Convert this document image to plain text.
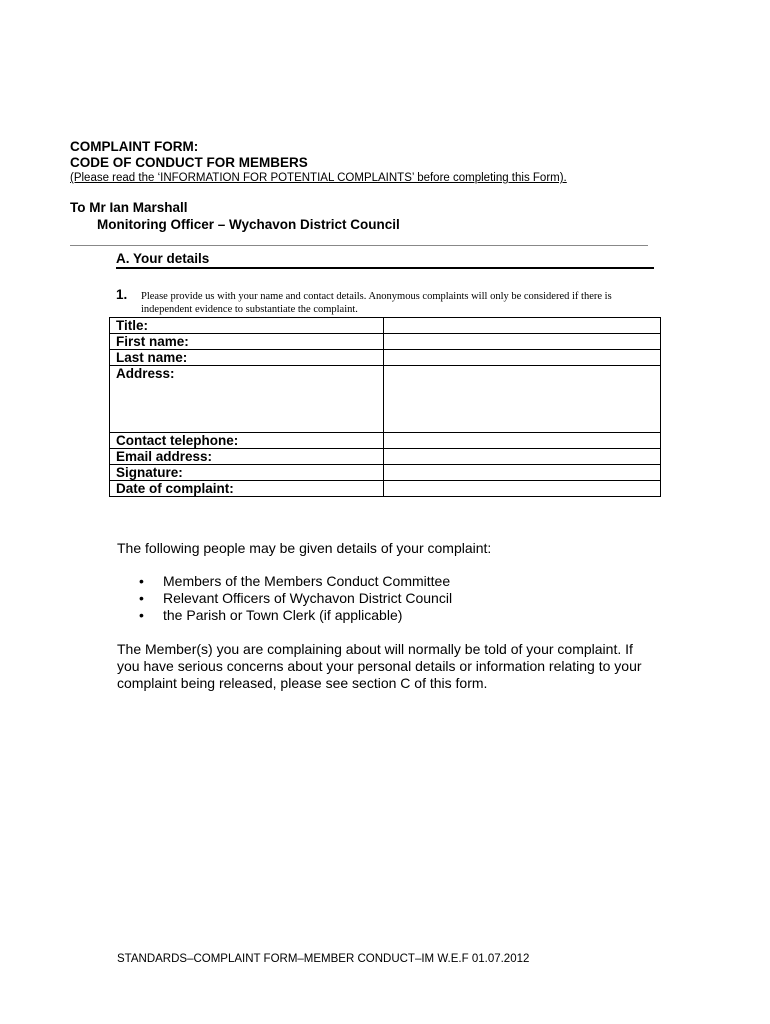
COMPLAINT FORM:
CODE OF CONDUCT FOR MEMBERS
(Please read the ‘INFORMATION FOR POTENTIAL COMPLAINTS’ before completing this Form).
To Mr Ian Marshall
Monitoring Officer – Wychavon District Council
A. Your details
1. Please provide us with your name and contact details. Anonymous complaints will only be considered if there is independent evidence to substantiate the complaint.
Title:	
First name:	
Last name:	
Address:	
Contact telephone:	
Email address:	
Signature:	
Date of complaint:	
The following people may be given details of your complaint:
• Members of the Members Conduct Committee
• Relevant Officers of Wychavon District Council
• the Parish or Town Clerk (if applicable)
The Member(s) you are complaining about will normally be told of your complaint. If you have serious concerns about your personal details or information relating to your complaint being released, please see section C of this form.
STANDARDS–COMPLAINT FORM–MEMBER CONDUCT–IM W.E.F 01.07.2012
